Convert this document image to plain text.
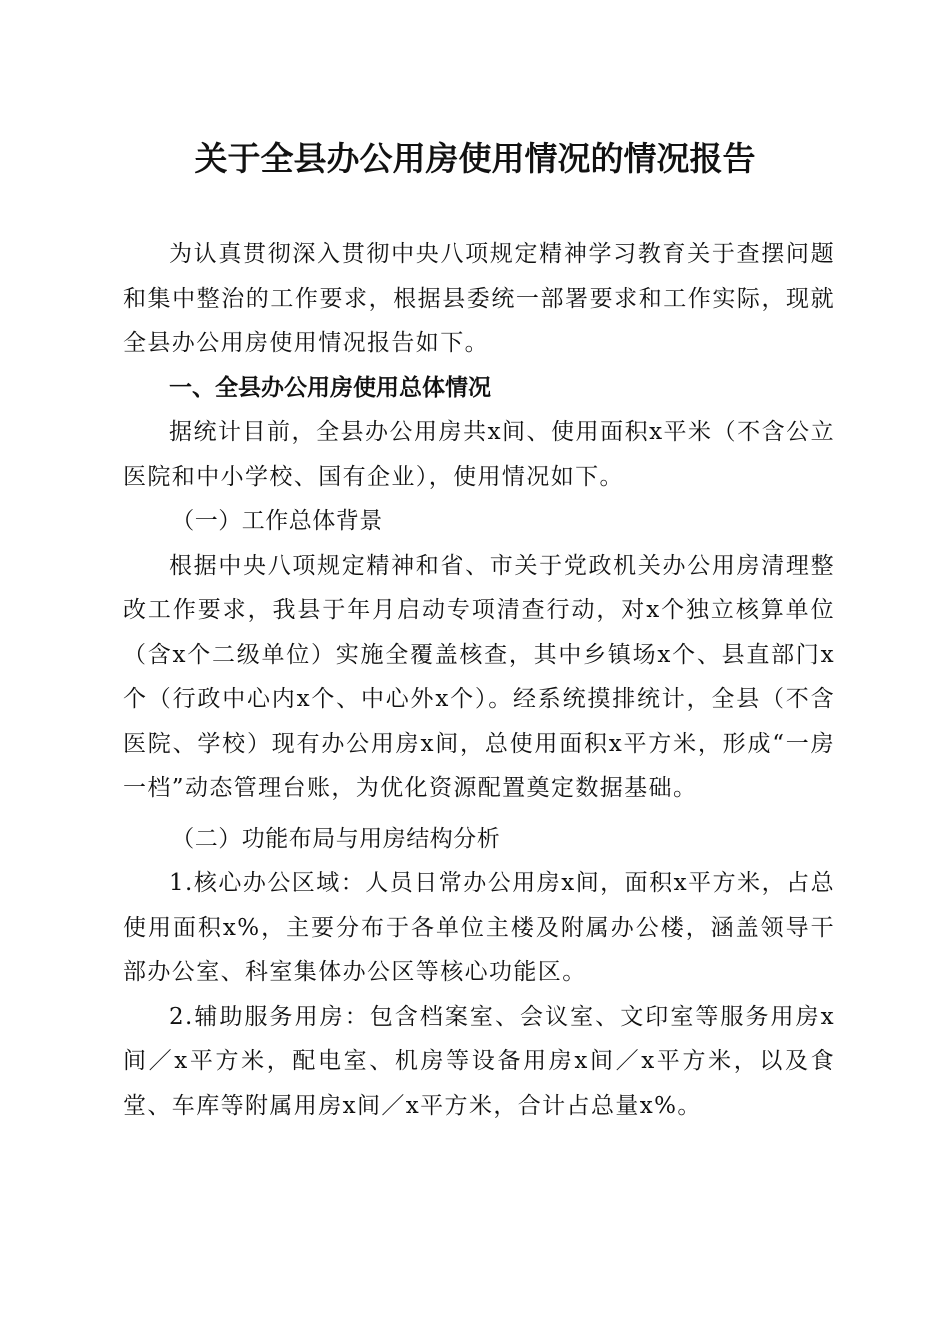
关于全县办公用房使用情况的情况报告

为认真贯彻深入贯彻中央八项规定精神学习教育关于查摆问题和集中整治的工作要求，根据县委统一部署要求和工作实际，现就全县办公用房使用情况报告如下。

一、全县办公用房使用总体情况

据统计目前，全县办公用房共x间、使用面积x平米（不含公立医院和中小学校、国有企业），使用情况如下。

（一）工作总体背景

根据中央八项规定精神和省、市关于党政机关办公用房清理整改工作要求，我县于年月启动专项清查行动，对x个独立核算单位（含x个二级单位）实施全覆盖核查，其中乡镇场x个、县直部门x个（行政中心内x个、中心外x个）。经系统摸排统计，全县（不含医院、学校）现有办公用房x间，总使用面积x平方米，形成“一房一档”动态管理台账，为优化资源配置奠定数据基础。

（二）功能布局与用房结构分析

1.核心办公区域：人员日常办公用房x间，面积x平方米，占总使用面积x%，主要分布于各单位主楼及附属办公楼，涵盖领导干部办公室、科室集体办公区等核心功能区。

2.辅助服务用房：包含档案室、会议室、文印室等服务用房x间／x平方米，配电室、机房等设备用房x间／x平方米，以及食堂、车库等附属用房x间／x平方米，合计占总量x%。
